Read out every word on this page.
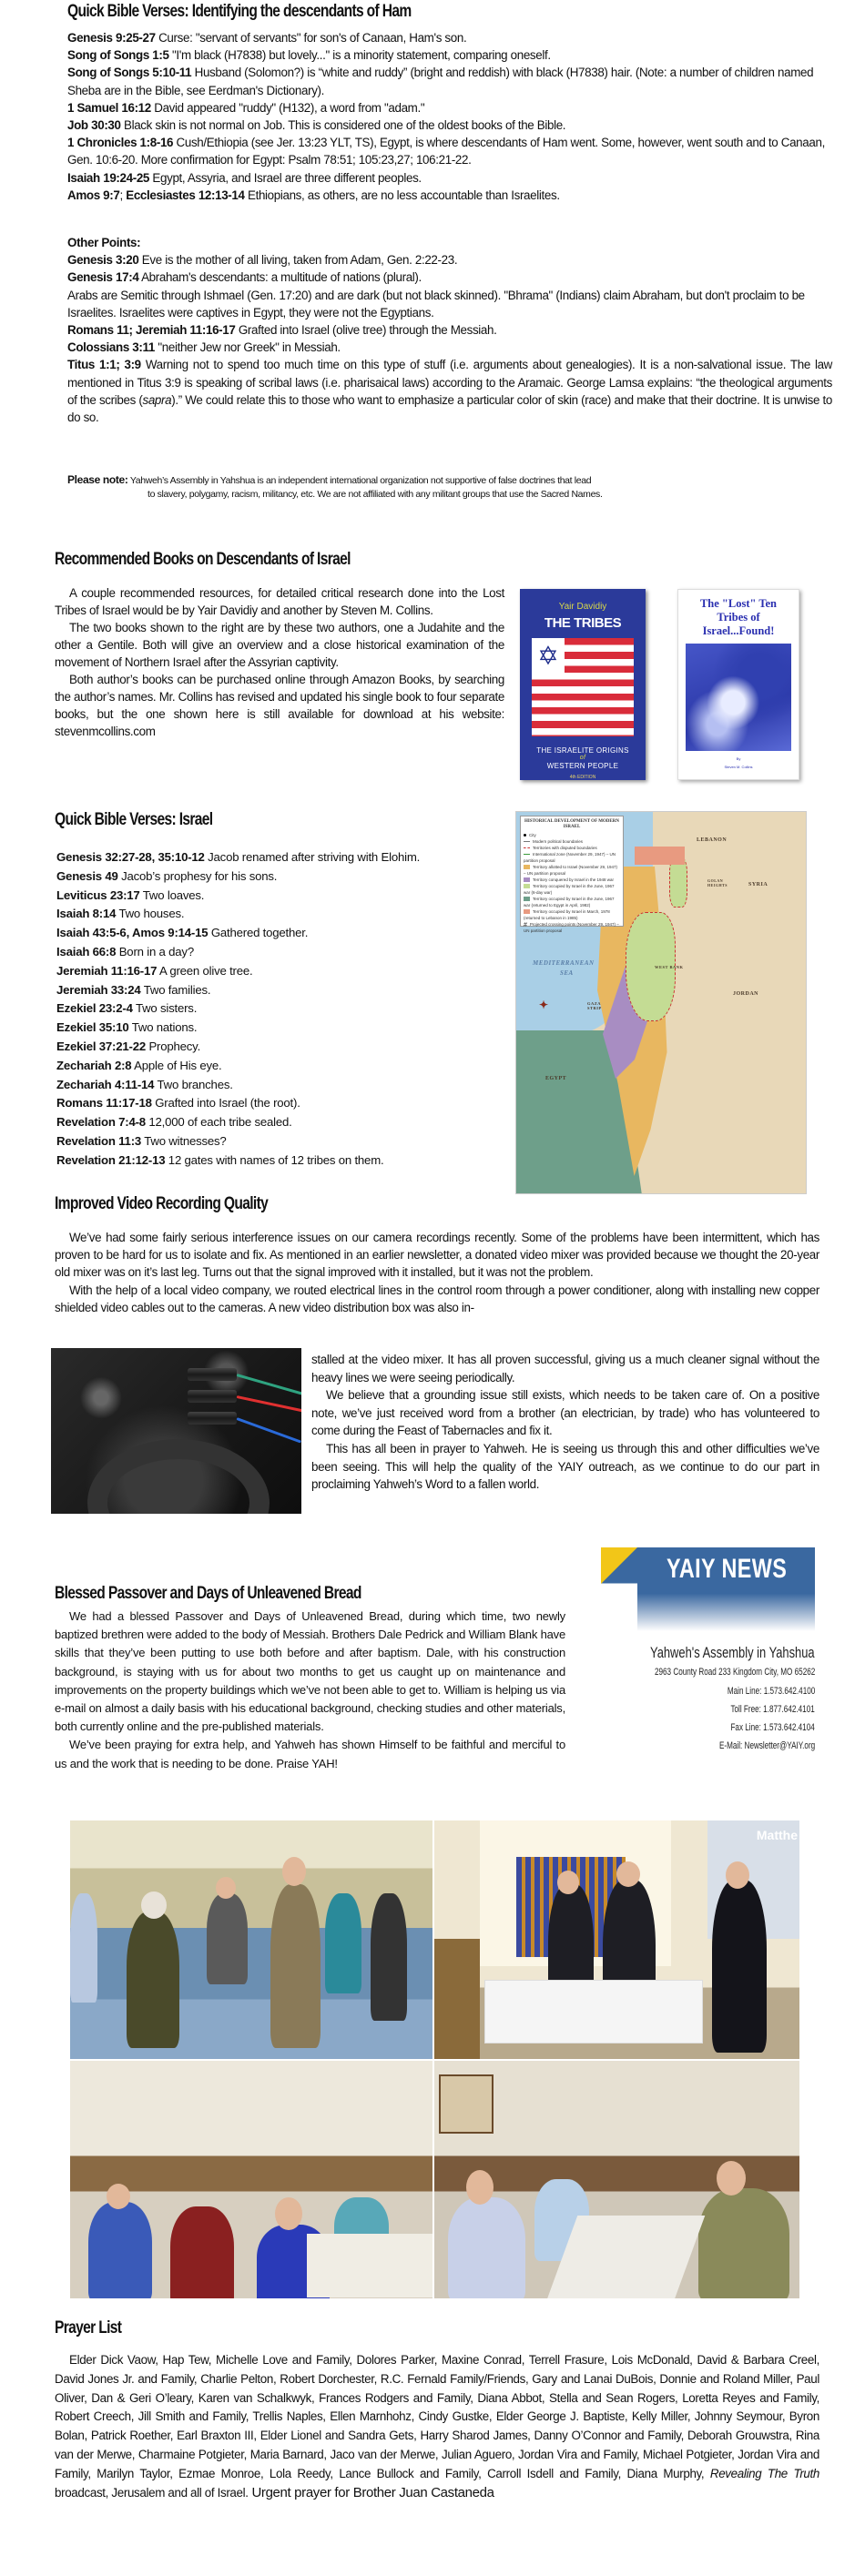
Quick Bible Verses: Identifying the descendants of Ham

Genesis 9:25-27 Curse: "servant of servants" for son's of Canaan, Ham's son.

Song of Songs 1:5 "I'm black (H7838) but lovely..." is a minority statement, comparing oneself.

Song of Songs 5:10-11 Husband (Solomon?) is “white and ruddy” (bright and reddish) with black (H7838) hair. (Note: a number of children named Sheba are in the Bible, see Eerdman's Dictionary).

1 Samuel 16:12 David appeared "ruddy" (H132), a word from "adam."

Job 30:30 Black skin is not normal on Job. This is considered one of the oldest books of the Bible.

1 Chronicles 1:8-16 Cush/Ethiopia (see Jer. 13:23 YLT, TS), Egypt, is where descendants of Ham went. Some, however, went south and to Canaan, Gen. 10:6-20. More confirmation for Egypt: Psalm 78:51; 105:23,27; 106:21-22.

Isaiah 19:24-25 Egypt, Assyria, and Israel are three different peoples.

Amos 9:7; Ecclesiastes 12:13-14 Ethiopians, as others, are no less accountable than Israelites.

Other Points:

Genesis 3:20 Eve is the mother of all living, taken from Adam, Gen. 2:22-23.

Genesis 17:4 Abraham's descendants: a multitude of nations (plural).

Arabs are Semitic through Ishmael (Gen. 17:20) and are dark (but not black skinned). "Bhrama" (Indians) claim Abraham, but don't proclaim to be Israelites. Israelites were captives in Egypt, they were not the Egyptians.

Romans 11; Jeremiah 11:16-17 Grafted into Israel (olive tree) through the Messiah.

Colossians 3:11 "neither Jew nor Greek" in Messiah.

Titus 1:1; 3:9 Warning not to spend too much time on this type of stuff (i.e. arguments about genealogies). It is a non-salvational issue. The law mentioned in Titus 3:9 is speaking of scribal laws (i.e. pharisaical laws) according to the Aramaic. George Lamsa explains: “the theological arguments of the scribes (sapra).” We could relate this to those who want to emphasize a particular color of skin (race) and make that their doctrine. It is unwise to do so.

Please note: Yahweh’s Assembly in Yahshua is an independent international organization not supportive of false doctrines that lead
to slavery, polygamy, racism, militancy, etc. We are not affiliated with any militant groups that use the Sacred Names.
Recommended Books on Descendants of Israel

A couple recommended resources, for detailed critical research done into the Lost Tribes of Israel would be by Yair Davidiy and another by Steven M. Collins.

The two books shown to the right are by these two authors, one a Judahite and the other a Gentile. Both will give an overview and a close historical examination of the movement of Northern Israel after the Assyrian captivity.

Both author’s books can be purchased online through Amazon Books, by searching the author’s names. Mr. Collins has revised and updated his single book to four separate books, but the one shown here is still available for download at his website: stevenmcollins.com

Yair Davidiy
THE TRIBES
✡
THE ISRAELITE ORIGINS
of
WESTERN PEOPLE
4th EDITION
The "Lost" Ten
Tribes of
Israel...Found!
By
Steven M. Collins
Quick Bible Verses: Israel

Genesis 32:27-28, 35:10-12 Jacob renamed after striving with Elohim.

Genesis 49 Jacob’s prophesy for his sons.

Leviticus 23:17 Two loaves.

Isaiah 8:14 Two houses.

Isaiah 43:5-6, Amos 9:14-15 Gathered together.

Isaiah 66:8 Born in a day?

Jeremiah 11:16-17 A green olive tree.

Jeremiah 33:24 Two families.

Ezekiel 23:2-4 Two sisters.

Ezekiel 35:10 Two nations.

Ezekiel 37:21-22 Prophecy.

Zechariah 2:8 Apple of His eye.

Zechariah 4:11-14 Two branches.

Romans 11:17-18 Grafted into Israel (the root).

Revelation 7:4-8 12,000 of each tribe sealed.

Revelation 11:3 Two witnesses?

Revelation 21:12-13 12 gates with names of 12 tribes on them.

LEBANON
SYRIA
JORDAN
EGYPT
MEDITERRANEAN
SEA
WEST BANK
GAZA STRIP
GOLAN HEIGHTS
✦
HISTORICAL DEVELOPMENT OF MODERN ISRAEL
City
Modern political boundaries
Territories with disputed boundaries
International zone (November 29, 1947) – UN partition proposal
Territory allotted to Israel (November 29, 1947) – UN partition proposal
Territory conquered by Israel in the 1948 war
Territory occupied by Israel in the June, 1967 war (6-day war)
Territory occupied by Israel in the June, 1967 war (returned to Egypt in April, 1982)
Territory occupied by Israel in March, 1978 (returned to Lebanon in 1985)
# Projected crossing points (November 29, 1947) – UN partition proposal
Improved Video Recording Quality

We’ve had some fairly serious interference issues on our camera recordings recently. Some of the problems have been intermittent, which has proven to be hard for us to isolate and fix. As mentioned in an earlier newsletter, a donated video mixer was provided because we thought the 20-year old mixer was on it’s last leg. Turns out that the signal improved with it installed, but it was not the problem.

With the help of a local video company, we routed electrical lines in the control room through a power conditioner, along with installing new copper shielded video cables out to the cameras. A new video distribution box was also in-

stalled at the video mixer. It has all proven successful, giving us a much cleaner signal without the heavy lines we were seeing periodically.

We believe that a grounding issue still exists, which needs to be taken care of. On a positive note, we’ve just received word from a brother (an electrician, by trade) who has volunteered to come during the Feast of Tabernacles and fix it.

This has all been in prayer to Yahweh. He is seeing us through this and other difficulties we’ve been seeing. This will help the quality of the YAIY outreach, as we continue to do our part in proclaiming Yahweh’s Word to a fallen world.

Blessed Passover and Days of Unleavened Bread

We had a blessed Passover and Days of Unleavened Bread, during which time, two newly baptized brethren were added to the body of Messiah. Brothers Dale Pedrick and William Blank have skills that they’ve been putting to use both before and after baptism. Dale, with his construction background, is staying with us for about two months to get us caught up on maintenance and improvements on the property buildings which we’ve not been able to get to. William is helping us via e-mail on almost a daily basis with his educational background, checking studies and other materials, both currently online and the pre-published materials.

We’ve been praying for extra help, and Yahweh has shown Himself to be faithful and merciful to us and the work that is needing to be done. Praise YAH!

YAIY NEWS
Yahweh's Assembly in Yahshua
2963 County Road 233 Kingdom City, MO 65262
Main Line: 1.573.642.4100
Toll Free: 1.877.642.4101
Fax Line: 1.573.642.4104
E-Mail: Newsletter@YAIY.org
Matthe
Prayer List

Elder Dick Vaow, Hap Tew, Michelle Love and Family, Dolores Parker, Maxine Conrad, Terrell Frasure, Lois McDonald, David & Barbara Creel, David Jones Jr. and Family, Charlie Pelton, Robert Dorchester, R.C. Fernald Family/Friends, Gary and Lanai DuBois, Donnie and Roland Miller, Paul Oliver, Dan & Geri O’leary, Karen van Schalkwyk, Frances Rodgers and Family, Diana Abbot, Stella and Sean Rogers, Loretta Reyes and Family, Robert Creech, Jill Smith and Family, Trellis Naples, Ellen Marnhohz, Cindy Gustke, Elder George J. Baptiste, Kelly Miller, Johnny Seymour, Byron Bolan, Patrick Roether, Earl Braxton III, Elder Lionel and Sandra Gets, Harry Sharod James, Danny O’Connor and Family, Deborah Grouwstra, Rina van der Merwe, Charmaine Potgieter, Maria Barnard, Jaco van der Merwe, Julian Aguero, Jordan Vira and Family, Michael Potgieter, Jordan Vira and Family, Marilyn Taylor, Ezmae Monroe, Lola Reedy, Lance Bullock and Family, Carroll Isdell and Family, Diana Murphy, Revealing The Truth broadcast, Jerusalem and all of Israel. Urgent prayer for Brother Juan Castaneda
